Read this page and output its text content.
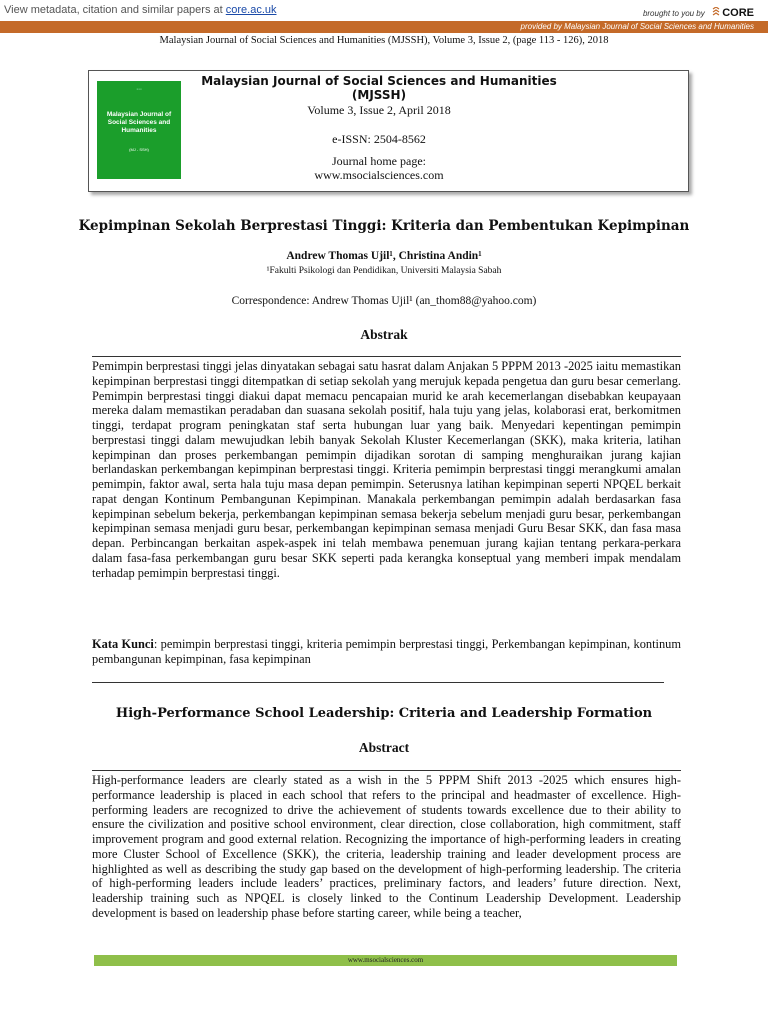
View metadata, citation and similar papers at core.ac.uk	brought to you by CORE
provided by Malaysian Journal of Social Sciences and Humanities
Malaysian Journal of Social Sciences and Humanities (MJSSH), Volume 3, Issue 2, (page 113 - 126), 2018
▪ ▪ ▪
Malaysian Journal of Social Sciences and Humanities
(MJ - SSH)
Malaysian Journal of Social Sciences and Humanities (MJSSH)
Volume 3, Issue 2, April 2018
e-ISSN: 2504-8562
Journal home page:
www.msocialsciences.com
Kepimpinan Sekolah Berprestasi Tinggi: Kriteria dan Pembentukan Kepimpinan
Andrew Thomas Ujil¹, Christina Andin¹
¹Fakulti Psikologi dan Pendidikan, Universiti Malaysia Sabah
Correspondence: Andrew Thomas Ujil¹ (an_thom88@yahoo.com)
Abstrak
Pemimpin berprestasi tinggi jelas dinyatakan sebagai satu hasrat dalam Anjakan 5 PPPM 2013 -2025 iaitu memastikan kepimpinan berprestasi tinggi ditempatkan di setiap sekolah yang merujuk kepada pengetua dan guru besar cemerlang. Pemimpin berprestasi tinggi diakui dapat memacu pencapaian murid ke arah kecemerlangan disebabkan keupayaan mereka dalam memastikan peradaban dan suasana sekolah positif, hala tuju yang jelas, kolaborasi erat, berkomitmen tinggi, terdapat program peningkatan staf serta hubungan luar yang baik. Menyedari kepentingan pemimpin berprestasi tinggi dalam mewujudkan lebih banyak Sekolah Kluster Kecemerlangan (SKK), maka kriteria, latihan kepimpinan dan proses perkembangan pemimpin dijadikan sorotan di samping menghuraikan jurang kajian berlandaskan perkembangan kepimpinan berprestasi tinggi. Kriteria pemimpin berprestasi tinggi merangkumi amalan pemimpin, faktor awal, serta hala tuju masa depan pemimpin. Seterusnya latihan kepimpinan seperti NPQEL berkait rapat dengan Kontinum Pembangunan Kepimpinan. Manakala perkembangan pemimpin adalah berdasarkan fasa kepimpinan sebelum bekerja, perkembangan kepimpinan semasa bekerja sebelum menjadi guru besar, perkembangan kepimpinan semasa menjadi guru besar, perkembangan kepimpinan semasa menjadi Guru Besar SKK, dan fasa masa depan. Perbincangan berkaitan aspek-aspek ini telah membawa penemuan jurang kajian tentang perkara-perkara dalam fasa-fasa perkembangan guru besar SKK seperti pada kerangka konseptual yang memberi impak mendalam terhadap pemimpin berprestasi tinggi.
Kata Kunci: pemimpin berprestasi tinggi, kriteria pemimpin berprestasi tinggi, Perkembangan kepimpinan, kontinum pembangunan kepimpinan, fasa kepimpinan
High-Performance School Leadership: Criteria and Leadership Formation
Abstract
High-performance leaders are clearly stated as a wish in the 5 PPPM Shift 2013 -2025 which ensures high-performance leadership is placed in each school that refers to the principal and headmaster of excellence. High-performing leaders are recognized to drive the achievement of students towards excellence due to their ability to ensure the civilization and positive school environment, clear direction, close collaboration, high commitment, staff improvement program and good external relation. Recognizing the importance of high-performing leaders in creating more Cluster School of Excellence (SKK), the criteria, leadership training and leader development process are highlighted as well as describing the study gap based on the development of high-performing leadership. The criteria of high-performing leaders include leaders’ practices, preliminary factors, and leaders’ future direction. Next, leadership training such as NPQEL is closely linked to the Continum Leadership Development. Leadership development is based on leadership phase before starting career, while being a teacher,
www.msocialsciences.com
